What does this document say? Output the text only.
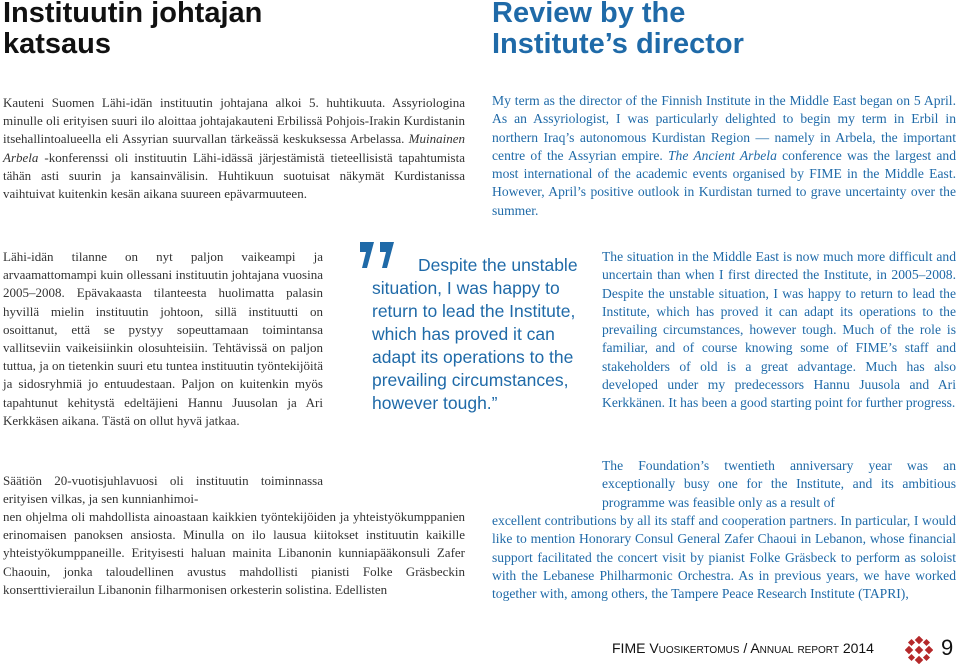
Instituutin johtajan katsaus
Review by the Institute’s director

Kauteni Suomen Lähi-idän instituutin johtajana alkoi 5. huhtikuuta. Assyriologina minulle oli erityisen suuri ilo aloittaa johtajakauteni Erbilissä Pohjois-Irakin Kurdistanin itsehallintoalueella eli Assyrian suurvallan tärkeässä keskuksessa Arbelassa. Muinainen Arbela -konferenssi oli instituutin Lähi-idässä järjestämistä tieteellisistä tapahtumista tähän asti suurin ja kansainvälisin. Huhtikuun suotuisat näkymät Kurdistanissa vaihtuivat kuitenkin kesän aikana suureen epävarmuuteen.

Lähi-idän tilanne on nyt paljon vaikeampi ja arvaamattomampi kuin ollessani instituutin johtajana vuosina 2005–2008. Epävakaasta tilanteesta huolimatta palasin hyvillä mielin instituutin johtoon, sillä instituutti on osoittanut, että se pystyy sopeuttamaan toimintansa vallitseviin vaikeisiinkin olosuhteisiin. Tehtävissä on paljon tuttua, ja on tietenkin suuri etu tuntea instituutin työntekijöitä ja sidosryhmiä jo entuudestaan. Paljon on kuitenkin myös tapahtunut kehitystä edeltäjieni Hannu Juusolan ja Ari Kerkkäsen aikana. Tästä on ollut hyvä jatkaa.

Säätiön 20-vuotisjuhlavuosi oli instituutin toiminnassa erityisen vilkas, ja sen kunnianhimoi-

nen ohjelma oli mahdollista ainoastaan kaikkien työntekijöiden ja yhteistyökumppanien erinomaisen panoksen ansiosta. Minulla on ilo lausua kiitokset instituutin kaikille yhteistyökumppaneille. Erityisesti haluan mainita Libanonin kunniapääkonsuli Zafer Chaouin, jonka taloudellinen avustus mahdollisti pianisti Folke Gräsbeckin konserttivierailun Libanonin filharmonisen orkesterin solistina. Edellisten

My term as the director of the Finnish Institute in the Middle East began on 5 April. As an Assyriologist, I was particularly delighted to begin my term in Erbil in northern Iraq’s autonomous Kurdistan Region — namely in Arbela, the important centre of the Assyrian empire. The Ancient Arbela conference was the largest and most international of the academic events organised by FIME in the Middle East. However, April’s positive outlook in Kurdistan turned to grave uncertainty over the summer.

The situation in the Middle East is now much more difficult and uncertain than when I first directed the Institute, in 2005–2008. Despite the unstable situation, I was happy to return to lead the Institute, which has proved it can adapt its operations to the prevailing circumstances, however tough. Much of the role is familiar, and of course knowing some of FIME’s staff and stakeholders of old is a great advantage. Much has also developed under my predecessors Hannu Juusola and Ari Kerkkänen. It has been a good starting point for further progress.

The Foundation’s twentieth anniversary year was an exceptionally busy one for the Institute, and its ambitious programme was feasible only as a result of

excellent contributions by all its staff and cooperation partners. In particular, I would like to mention Honorary Consul General Zafer Chaoui in Lebanon, whose financial support facilitated the concert visit by pianist Folke Gräsbeck to perform as soloist with the Lebanese Philharmonic Orchestra. As in previous years, we have worked together with, among others, the Tampere Peace Research Institute (TAPRI),

Despite the unstable situation, I was happy to return to lead the Institute, which has proved it can adapt its operations to the prevailing circumstances, however tough.”

FIME Vuosikertomus / Annual report 2014	9
